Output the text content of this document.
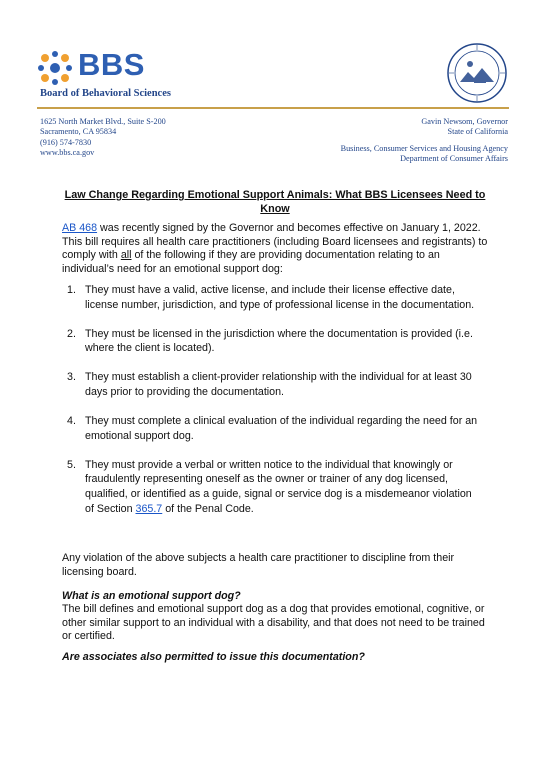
BBS
Board of Behavioral Sciences
1625 North Market Blvd., Suite S-200
Sacramento, CA 95834
(916) 574-7830
www.bbs.ca.gov
Gavin Newsom, Governor
State of California
Business, Consumer Services and Housing Agency
Department of Consumer Affairs
Law Change Regarding Emotional Support Animals: What BBS Licensees Need to Know
AB 468 was recently signed by the Governor and becomes effective on January 1, 2022. This bill requires all health care practitioners (including Board licensees and registrants) to comply with all of the following if they are providing documentation relating to an individual’s need for an emotional support dog:
1. They must have a valid, active license, and include their license effective date, license number, jurisdiction, and type of professional license in the documentation.
2. They must be licensed in the jurisdiction where the documentation is provided (i.e. where the client is located).
3. They must establish a client-provider relationship with the individual for at least 30 days prior to providing the documentation.
4. They must complete a clinical evaluation of the individual regarding the need for an emotional support dog.
5. They must provide a verbal or written notice to the individual that knowingly or fraudulently representing oneself as the owner or trainer of any dog licensed, qualified, or identified as a guide, signal or service dog is a misdemeanor violation of Section 365.7 of the Penal Code.
Any violation of the above subjects a health care practitioner to discipline from their licensing board.
What is an emotional support dog?
The bill defines and emotional support dog as a dog that provides emotional, cognitive, or other similar support to an individual with a disability, and that does not need to be trained or certified.
Are associates also permitted to issue this documentation?
